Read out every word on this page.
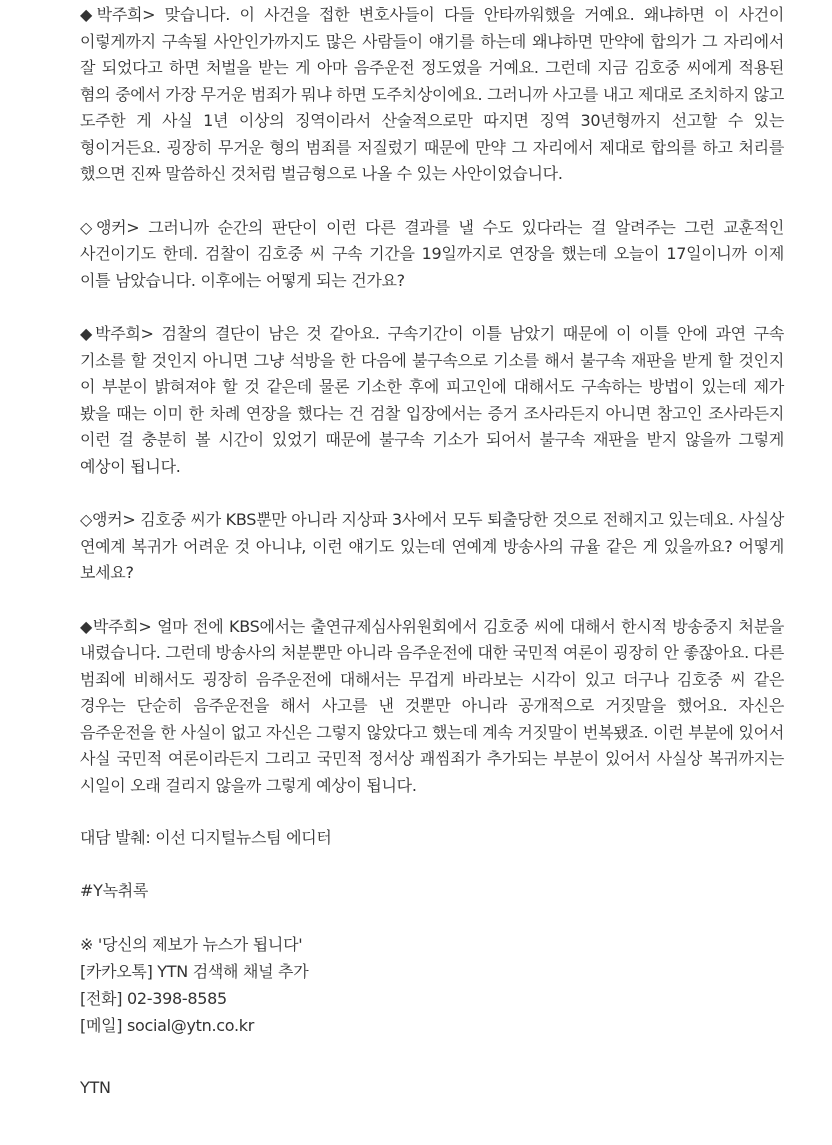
◆박주희> 맞습니다. 이 사건을 접한 변호사들이 다들 안타까워했을 거예요. 왜냐하면 이 사건이 이렇게까지 구속될 사안인가까지도 많은 사람들이 얘기를 하는데 왜냐하면 만약에 합의가 그 자리에서 잘 되었다고 하면 처벌을 받는 게 아마 음주운전 정도였을 거예요. 그런데 지금 김호중 씨에게 적용된 혐의 중에서 가장 무거운 범죄가 뭐냐 하면 도주치상이에요. 그러니까 사고를 내고 제대로 조치하지 않고 도주한 게 사실 1년 이상의 징역이라서 산술적으로만 따지면 징역 30년형까지 선고할 수 있는 형이거든요. 굉장히 무거운 형의 범죄를 저질렀기 때문에 만약 그 자리에서 제대로 합의를 하고 처리를 했으면 진짜 말씀하신 것처럼 벌금형으로 나올 수 있는 사안이었습니다.

◇앵커> 그러니까 순간의 판단이 이런 다른 결과를 낼 수도 있다라는 걸 알려주는 그런 교훈적인 사건이기도 한데. 검찰이 김호중 씨 구속 기간을 19일까지로 연장을 했는데 오늘이 17일이니까 이제 이틀 남았습니다. 이후에는 어떻게 되는 건가요?

◆박주희> 검찰의 결단이 남은 것 같아요. 구속기간이 이틀 남았기 때문에 이 이틀 안에 과연 구속 기소를 할 것인지 아니면 그냥 석방을 한 다음에 불구속으로 기소를 해서 불구속 재판을 받게 할 것인지 이 부분이 밝혀져야 할 것 같은데 물론 기소한 후에 피고인에 대해서도 구속하는 방법이 있는데 제가 봤을 때는 이미 한 차례 연장을 했다는 건 검찰 입장에서는 증거 조사라든지 아니면 참고인 조사라든지 이런 걸 충분히 볼 시간이 있었기 때문에 불구속 기소가 되어서 불구속 재판을 받지 않을까 그렇게 예상이 됩니다.

◇앵커> 김호중 씨가 KBS뿐만 아니라 지상파 3사에서 모두 퇴출당한 것으로 전해지고 있는데요. 사실상 연예계 복귀가 어려운 것 아니냐, 이런 얘기도 있는데 연예계 방송사의 규율 같은 게 있을까요? 어떻게 보세요?

◆박주희> 얼마 전에 KBS에서는 출연규제심사위원회에서 김호중 씨에 대해서 한시적 방송중지 처분을 내렸습니다. 그런데 방송사의 처분뿐만 아니라 음주운전에 대한 국민적 여론이 굉장히 안 좋잖아요. 다른 범죄에 비해서도 굉장히 음주운전에 대해서는 무겁게 바라보는 시각이 있고 더구나 김호중 씨 같은 경우는 단순히 음주운전을 해서 사고를 낸 것뿐만 아니라 공개적으로 거짓말을 했어요. 자신은 음주운전을 한 사실이 없고 자신은 그렇지 않았다고 했는데 계속 거짓말이 번복됐죠. 이런 부분에 있어서 사실 국민적 여론이라든지 그리고 국민적 정서상 괘씸죄가 추가되는 부분이 있어서 사실상 복귀까지는 시일이 오래 걸리지 않을까 그렇게 예상이 됩니다.

대담 발췌: 이선 디지털뉴스팀 에디터

#Y녹취록

※ '당신의 제보가 뉴스가 됩니다'

[카카오톡] YTN 검색해 채널 추가

[전화] 02-398-8585

[메일] social@ytn.co.kr

YTN
